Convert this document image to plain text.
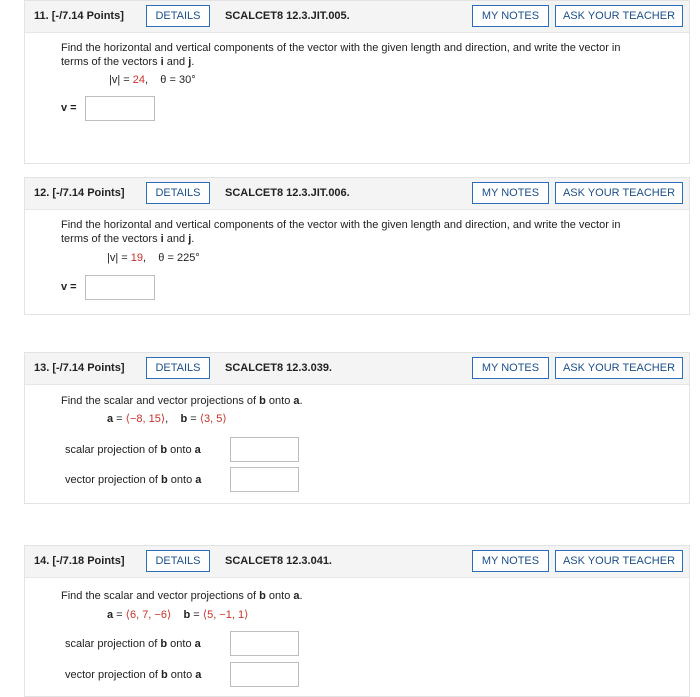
11. [-/7.14 Points]	DETAILS	SCALCET8 12.3.JIT.005.	MY NOTES	ASK YOUR TEACHER
Find the horizontal and vertical components of the vector with the given length and direction, and write the vector in
terms of the vectors i and j.
|v| = 24,    θ = 30°
v =
12. [-/7.14 Points]	DETAILS	SCALCET8 12.3.JIT.006.	MY NOTES	ASK YOUR TEACHER
Find the horizontal and vertical components of the vector with the given length and direction, and write the vector in
terms of the vectors i and j.
|v| = 19,    θ = 225°
v =
13. [-/7.14 Points]	DETAILS	SCALCET8 12.3.039.	MY NOTES	ASK YOUR TEACHER
Find the scalar and vector projections of b onto a.
a = ⟨−8, 15⟩,    b = ⟨3, 5⟩
scalar projection of b onto a
vector projection of b onto a
14. [-/7.18 Points]	DETAILS	SCALCET8 12.3.041.	MY NOTES	ASK YOUR TEACHER
Find the scalar and vector projections of b onto a.
a = ⟨6, 7, −6⟩ b = ⟨5, −1, 1⟩
scalar projection of b onto a
vector projection of b onto a
